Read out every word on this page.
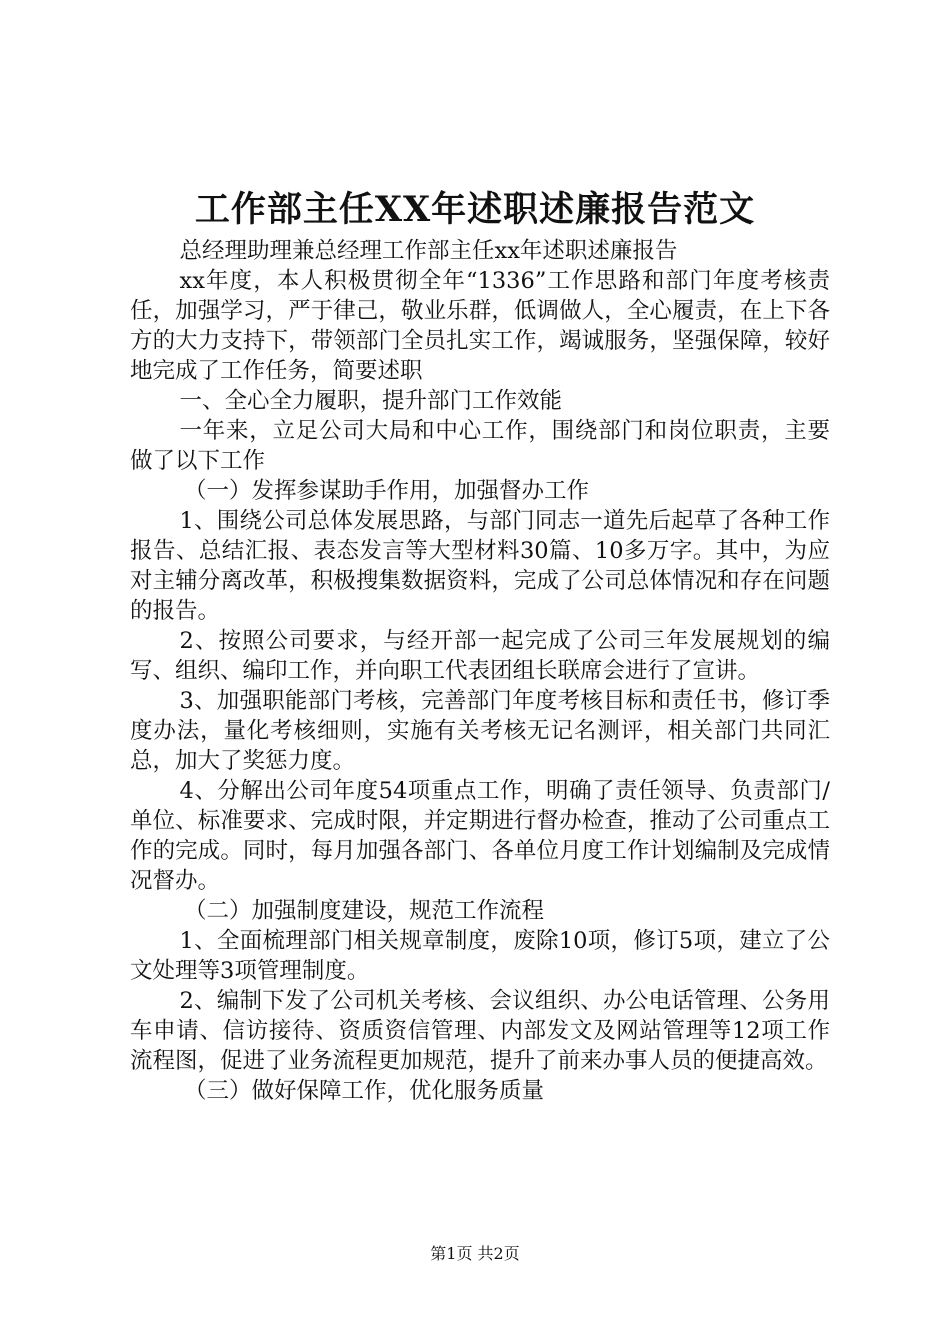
工作部主任XX年述职述廉报告范文

总经理助理兼总经理工作部主任xx年述职述廉报告

xx年度，本人积极贯彻全年“1336”工作思路和部门年度考核责任，加强学习，严于律己，敬业乐群，低调做人，全心履责，在上下各方的大力支持下，带领部门全员扎实工作，竭诚服务，坚强保障，较好地完成了工作任务，简要述职

一、全心全力履职，提升部门工作效能

一年来，立足公司大局和中心工作，围绕部门和岗位职责，主要做了以下工作

（一）发挥参谋助手作用，加强督办工作

1、围绕公司总体发展思路，与部门同志一道先后起草了各种工作报告、总结汇报、表态发言等大型材料30篇、10多万字。其中，为应对主辅分离改革，积极搜集数据资料，完成了公司总体情况和存在问题的报告。

2、按照公司要求，与经开部一起完成了公司三年发展规划的编写、组织、编印工作，并向职工代表团组长联席会进行了宣讲。

3、加强职能部门考核，完善部门年度考核目标和责任书，修订季度办法，量化考核细则，实施有关考核无记名测评，相关部门共同汇总，加大了奖惩力度。

4、分解出公司年度54项重点工作，明确了责任领导、负责部门/单位、标准要求、完成时限，并定期进行督办检查，推动了公司重点工作的完成。同时，每月加强各部门、各单位月度工作计划编制及完成情况督办。

（二）加强制度建设，规范工作流程

1、全面梳理部门相关规章制度，废除10项，修订5项，建立了公文处理等3项管理制度。

2、编制下发了公司机关考核、会议组织、办公电话管理、公务用车申请、信访接待、资质资信管理、内部发文及网站管理等12项工作流程图，促进了业务流程更加规范，提升了前来办事人员的便捷高效。

（三）做好保障工作，优化服务质量

第1页 共2页
